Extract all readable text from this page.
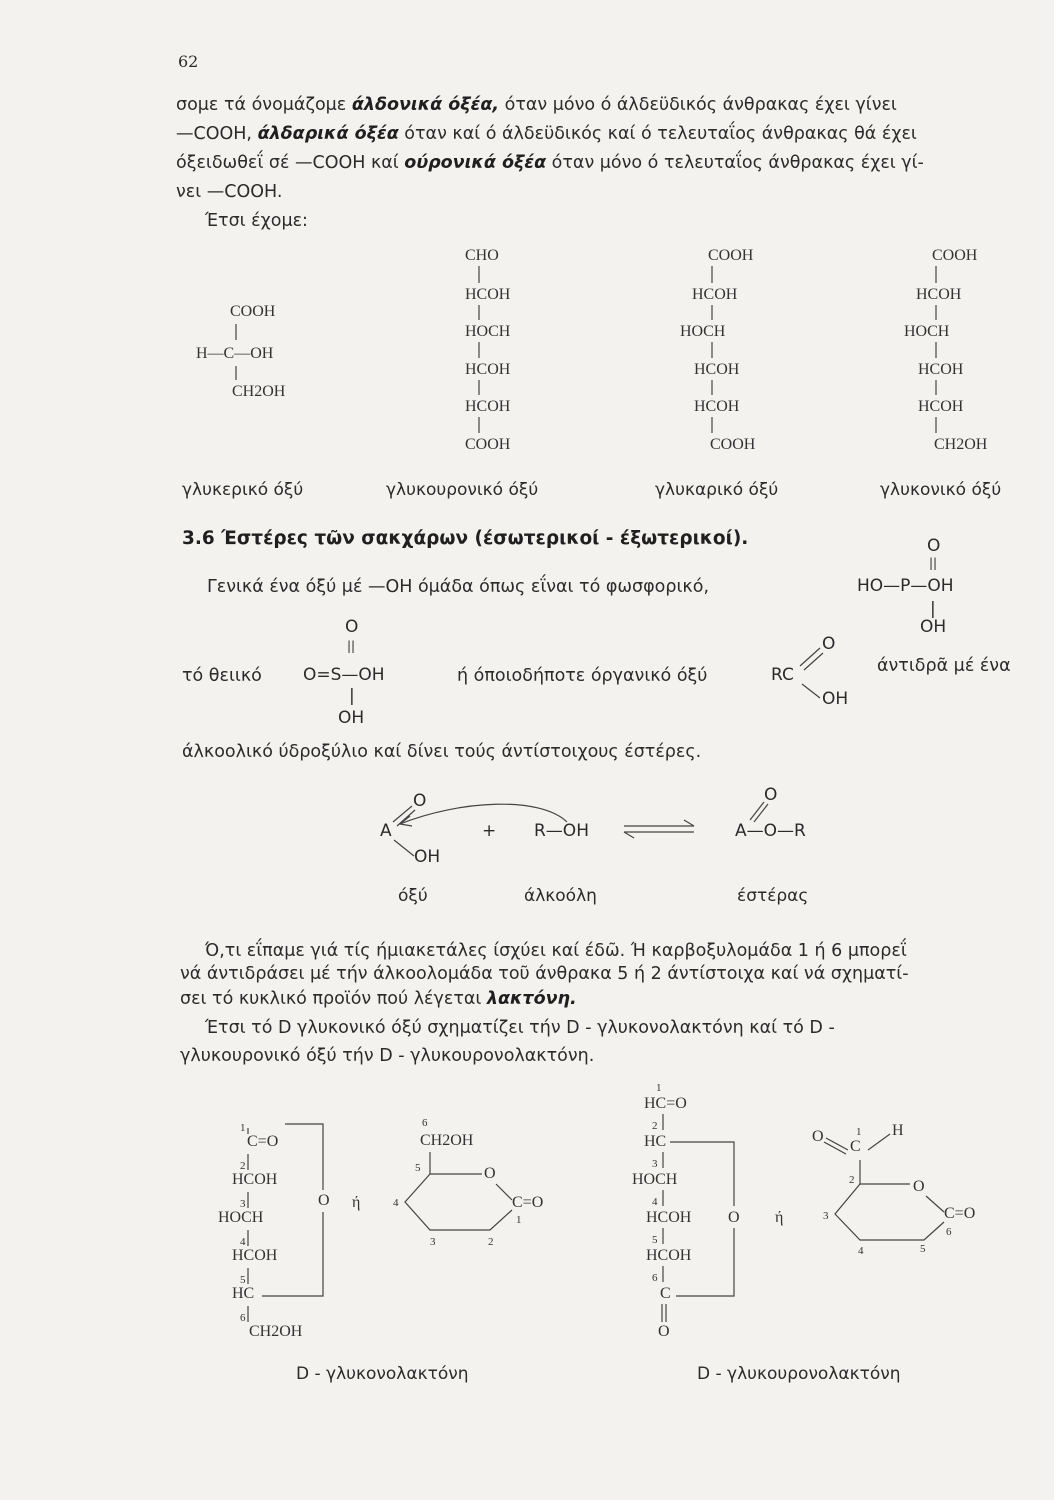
62
σομε τά όνομάζομε άλδονικά όξέα, όταν μόνο ό άλδεϋδικός άνθρακας έχει γίνει
—COOH, άλδαρικά όξέα όταν καί ό άλδεϋδικός καί ό τελευταΐος άνθρακας θά έχει
όξειδωθεΐ σέ —COOH καί ούρονικά όξέα όταν μόνο ό τελευταΐος άνθρακας έχει γί-
νει —COOH.
Έτσι έχομε:
COOH
H—C—OH
CH2OH
CHO
HCOH
HOCH
HCOH
HCOH
COOH
COOH
HCOH
HOCH
HCOH
HCOH
COOH
COOH
HCOH
HOCH
HCOH
HCOH
CH2OH
γλυκερικό όξύ	γλυκουρονικό όξύ	γλυκαρικό όξύ	γλυκονικό όξύ
3.6 Έστέρες τῶν σακχάρων (έσωτερικοί - έξωτερικοί).
Γενικά ένα όξύ μέ —OH όμάδα όπως εΐναι τό φωσφορικό,
O
||
HO—P—OH
|
OH
τό θειικό
O
||
O=S—OH
|
OH
ή όποιοδήποτε όργανικό όξύ	RC
O
OH
άντιδρᾶ μέ ένα
άλκοολικό ύδροξύλιο καί δίνει τούς άντίστοιχους έστέρες.
A
O
OH
+ R—OH
O
A—O—R
όξύ	άλκοόλη	έστέρας
Ό,τι εΐπαμε γιά τίς ήμιακετάλες ίσχύει καί έδῶ. Ή καρβοξυλομάδα 1 ή 6 μπορεΐ
νά άντιδράσει μέ τήν άλκοολομάδα τοῦ άνθρακα 5 ή 2 άντίστοιχα καί νά σχηματί-
σει τό κυκλικό προϊόν πού λέγεται λακτόνη.
Έτσι τό D γλυκονικό όξύ σχηματίζει τήν D - γλυκονολακτόνη καί τό D -
γλυκουρονικό όξύ τήν D - γλυκουρονολακτόνη.
1
C=O
2
HCOH
3
HOCH
4
HCOH
5
HC
6
CH2OH
O ή
6
CH2OH
5	O
C=O
4
1
3	2
D - γλυκονολακτόνη
1
HC=O
2
HC
3
HOCH
4
HCOH
5
HCOH
6
C
O
O ή
O	1
C
H
2	O
C=O
3
6
4	5
D - γλυκουρονολακτόνη
